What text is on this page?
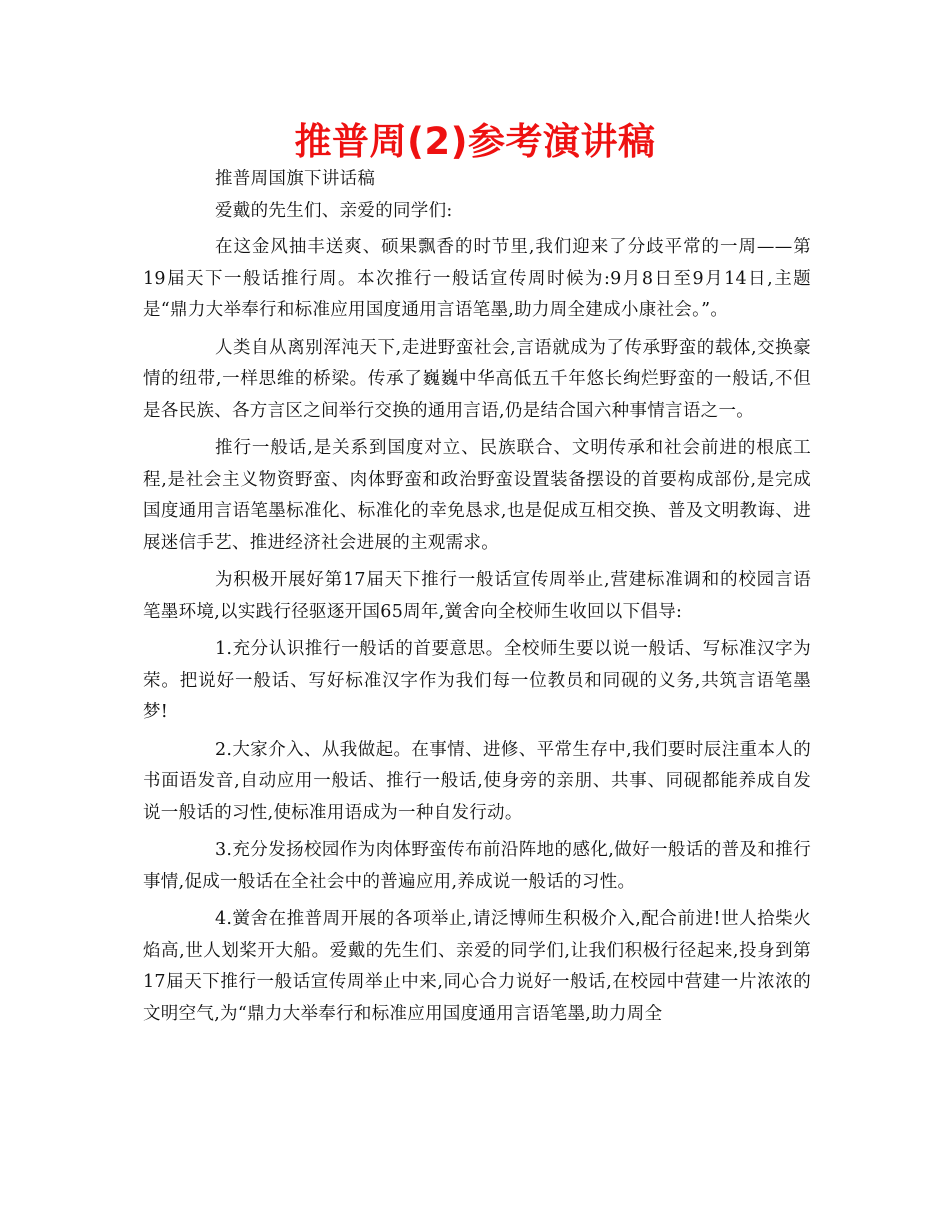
推普周(2)参考演讲稿

推普周国旗下讲话稿

爱戴的先生们、亲爱的同学们:

在这金风抽丰送爽、硕果飘香的时节里,我们迎来了分歧平常的一周——第19届天下一般话推行周。本次推行一般话宣传周时候为:9月8日至9月14日,主题是“鼎力大举奉行和标准应用国度通用言语笔墨,助力周全建成小康社会。”。

人类自从离别浑沌天下,走进野蛮社会,言语就成为了传承野蛮的载体,交换豪情的纽带,一样思维的桥梁。传承了巍巍中华高低五千年悠长绚烂野蛮的一般话,不但是各民族、各方言区之间举行交换的通用言语,仍是结合国六种事情言语之一。

推行一般话,是关系到国度对立、民族联合、文明传承和社会前进的根底工程,是社会主义物资野蛮、肉体野蛮和政治野蛮设置装备摆设的首要构成部份,是完成国度通用言语笔墨标准化、标准化的幸免恳求,也是促成互相交换、普及文明教诲、进展迷信手艺、推进经济社会进展的主观需求。

为积极开展好第17届天下推行一般话宣传周举止,营建标准调和的校园言语笔墨环境,以实践行径驱逐开国65周年,黉舍向全校师生收回以下倡导:

1.充分认识推行一般话的首要意思。全校师生要以说一般话、写标准汉字为荣。把说好一般话、写好标准汉字作为我们每一位教员和同砚的义务,共筑言语笔墨梦!

2.大家介入、从我做起。在事情、进修、平常生存中,我们要时辰注重本人的书面语发音,自动应用一般话、推行一般话,使身旁的亲朋、共事、同砚都能养成自发说一般话的习性,使标准用语成为一种自发行动。

3.充分发扬校园作为肉体野蛮传布前沿阵地的感化,做好一般话的普及和推行事情,促成一般话在全社会中的普遍应用,养成说一般话的习性。

4.黉舍在推普周开展的各项举止,请泛博师生积极介入,配合前进!世人拾柴火焰高,世人划桨开大船。爱戴的先生们、亲爱的同学们,让我们积极行径起来,投身到第17届天下推行一般话宣传周举止中来,同心合力说好一般话,在校园中营建一片浓浓的文明空气,为“鼎力大举奉行和标准应用国度通用言语笔墨,助力周全
